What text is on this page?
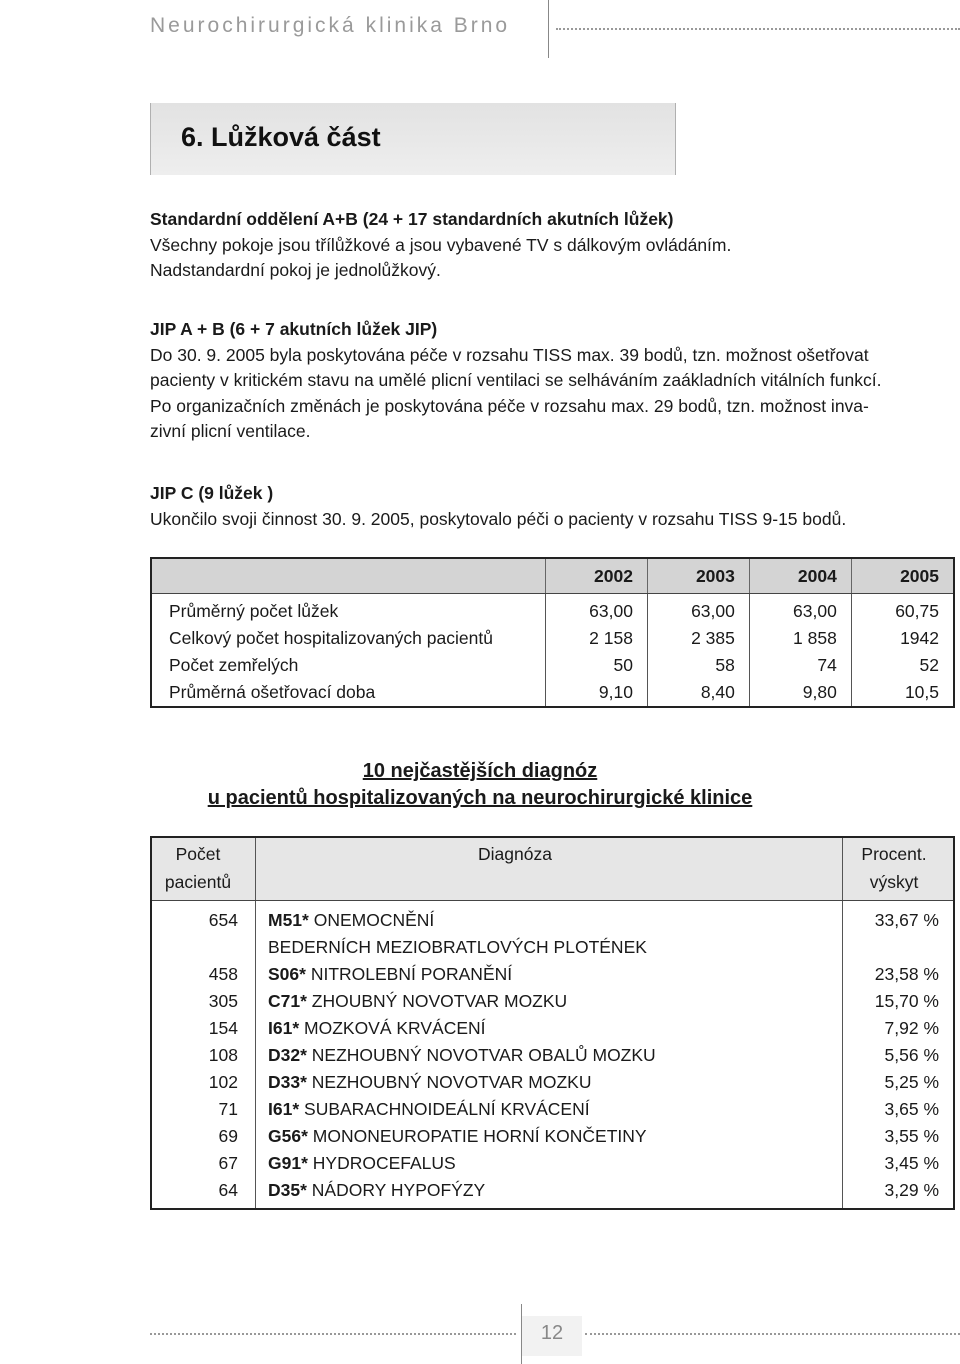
Neurochirurgická klinika Brno
6. Lůžková část

Standardní oddělení A+B (24 + 17 standardních akutních lůžek)

Všechny pokoje jsou třílůžkové a jsou vybavené TV s dálkovým ovládáním.

Nadstandardní pokoj je jednolůžkový.

JIP A + B (6 + 7 akutních lůžek JIP)

Do 30. 9. 2005 byla poskytována péče v rozsahu TISS max. 39 bodů, tzn. možnost ošetřovat

pacienty v kritickém stavu na umělé plicní ventilaci se selháváním zaákladních vitálních funkcí.

Po organizačních změnách je poskytována péče v rozsahu max. 29 bodů, tzn. možnost inva-

zivní plicní ventilace.

JIP C (9 lůžek )

Ukončilo svoji činnost 30. 9. 2005, poskytovalo péči o pacienty v rozsahu TISS 9-15 bodů.

	2002	2003	2004	2005
Průměrný počet lůžek	63,00	63,00	63,00	60,75
Celkový počet hospitalizovaných pacientů	2 158	2 385	1 858	1942
Počet zemřelých	50	58	74	52
Průměrná ošetřovací doba	9,10	8,40	9,80	10,5
10 nejčastějších diagnóz
u pacientů hospitalizovaných na neurochirurgické klinice
Počet
pacientů	Diagnóza	Procent.
výskyt
654	M51* ONEMOCNĚNÍ
BEDERNÍCH MEZIOBRATLOVÝCH PLOTÉNEK	33,67 %
458	S06* NITROLEBNÍ PORANĚNÍ	23,58 %
305	C71* ZHOUBNÝ NOVOTVAR MOZKU	15,70 %
154	I61* MOZKOVÁ KRVÁCENÍ	7,92 %
108	D32* NEZHOUBNÝ NOVOTVAR OBALŮ MOZKU	5,56 %
102	D33* NEZHOUBNÝ NOVOTVAR MOZKU	5,25 %
71	I61* SUBARACHNOIDEÁLNÍ KRVÁCENÍ	3,65 %
69	G56* MONONEUROPATIE HORNÍ KONČETINY	3,55 %
67	G91* HYDROCEFALUS	3,45 %
64	D35* NÁDORY HYPOFÝZY	3,29 %
12
